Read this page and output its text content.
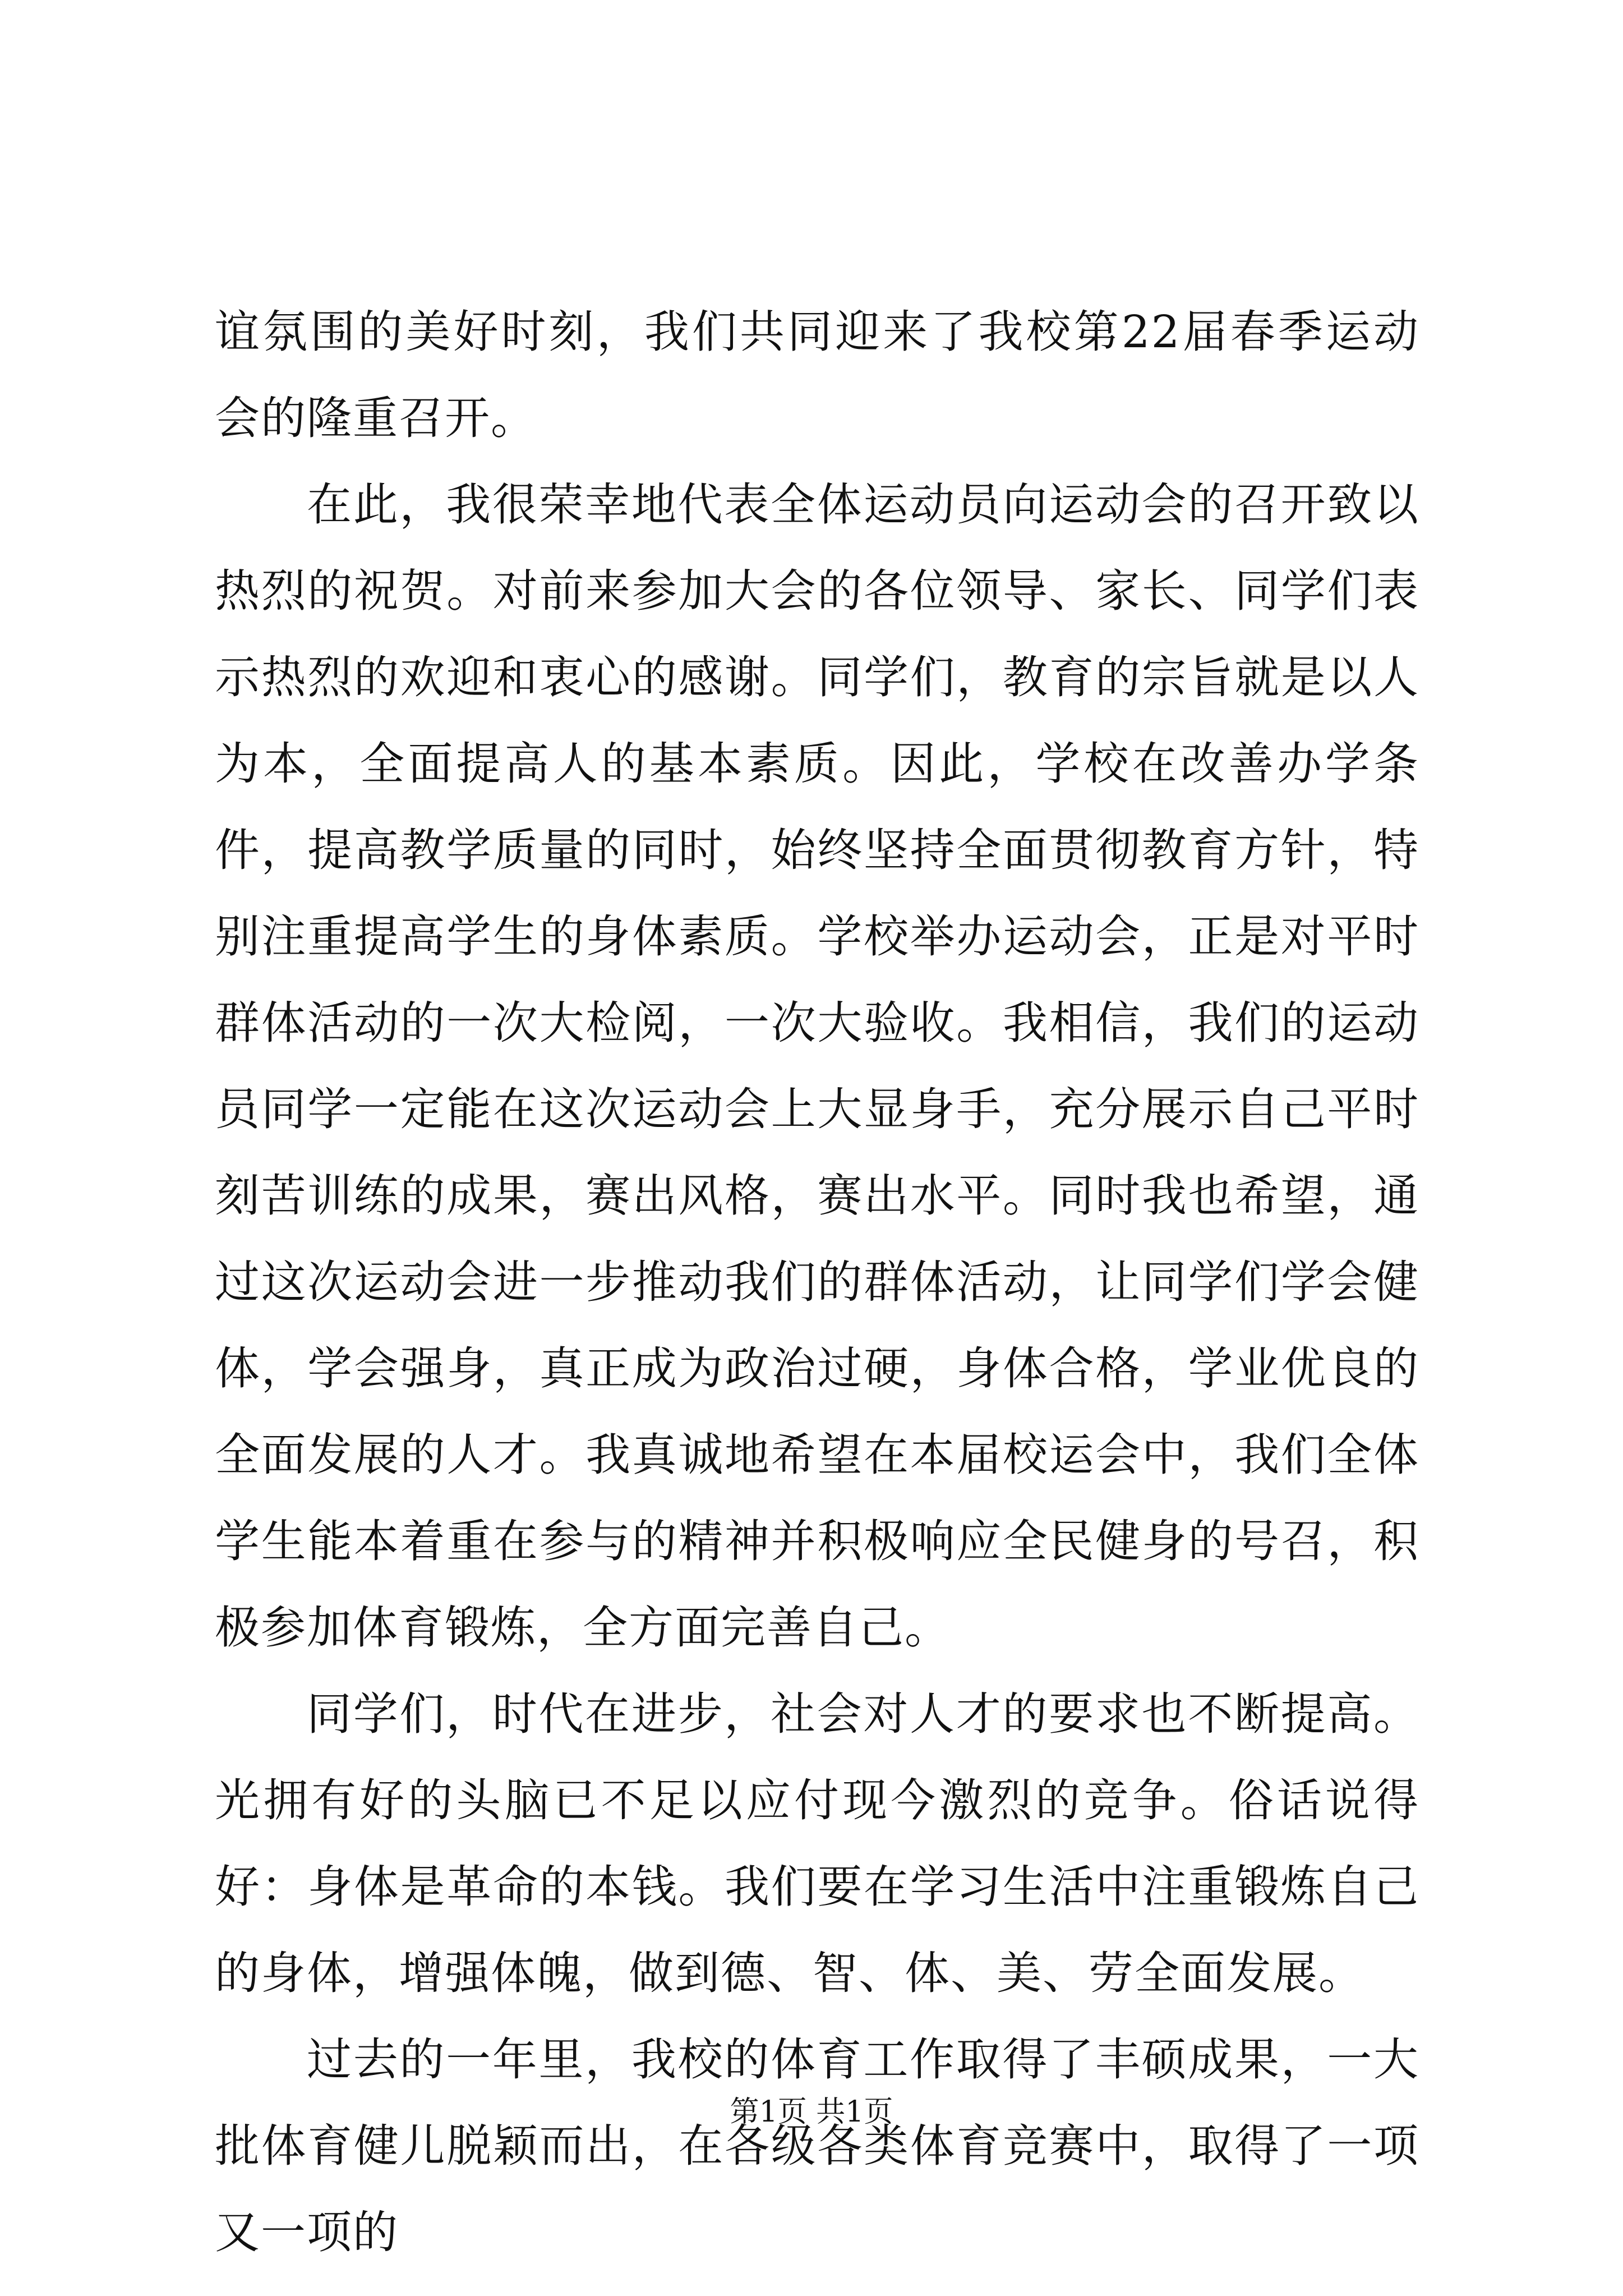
谊氛围的美好时刻，我们共同迎来了我校第22届春季运动会的隆重召开。

在此，我很荣幸地代表全体运动员向运动会的召开致以热烈的祝贺。对前来参加大会的各位领导、家长、同学们表示热烈的欢迎和衷心的感谢。同学们，教育的宗旨就是以人为本，全面提高人的基本素质。因此，学校在改善办学条件，提高教学质量的同时，始终坚持全面贯彻教育方针，特别注重提高学生的身体素质。学校举办运动会，正是对平时群体活动的一次大检阅，一次大验收。我相信，我们的运动员同学一定能在这次运动会上大显身手，充分展示自己平时刻苦训练的成果，赛出风格，赛出水平。同时我也希望，通过这次运动会进一步推动我们的群体活动，让同学们学会健体，学会强身，真正成为政治过硬，身体合格，学业优良的全面发展的人才。我真诚地希望在本届校运会中，我们全体学生能本着重在参与的精神并积极响应全民健身的号召，积极参加体育锻炼，全方面完善自己。

同学们，时代在进步，社会对人才的要求也不断提高。光拥有好的头脑已不足以应付现今激烈的竞争。俗话说得好：身体是革命的本钱。我们要在学习生活中注重锻炼自己的身体，增强体魄，做到德、智、体、美、劳全面发展。

过去的一年里，我校的体育工作取得了丰硕成果，一大批体育健儿脱颖而出，在各级各类体育竞赛中，取得了一项又一项的

第1页 共1页
